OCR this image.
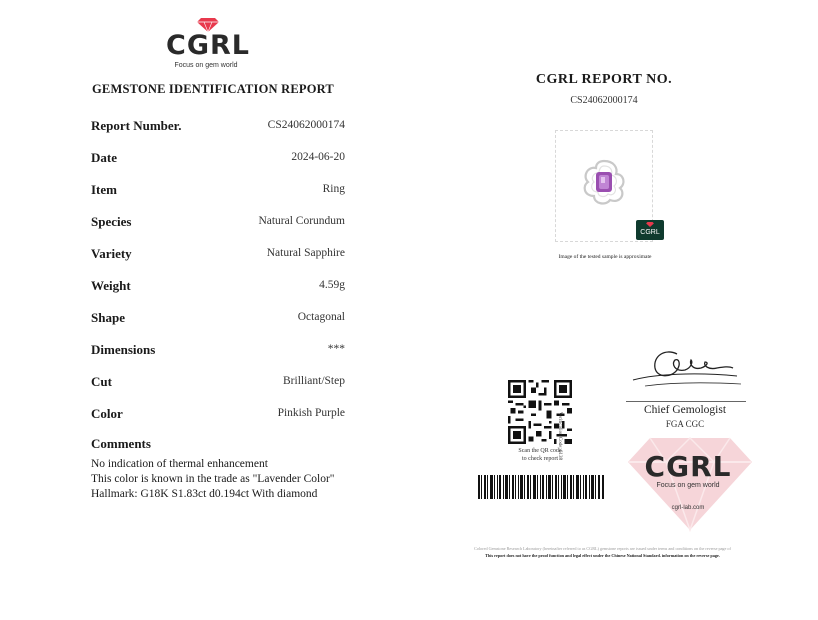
CGRL
Focus on gem world
GEMSTONE IDENTIFICATION REPORT
Report Number.	CS24062000174
Date	2024-06-20
Item	Ring
Species	Natural Corundum
Variety	Natural Sapphire
Weight	4.59g
Shape	Octagonal
Dimensions	***
Cut	Brilliant/Step
Color	Pinkish Purple
Comments
No indication of thermal enhancement
This color is known in the trade as "Lavender Color"
Hallmark: G18K S1.83ct d0.194ct With diamond
CGRL REPORT NO.
CS24062000174
CGRL
Image of the tested sample is approximate
Verification Code: 6138
Scan the QR code
to check report
Chief Gemologist
FGA CGC
CGRL
Focus on gem world
cgrl-lab.com
Colored Gemstone Research Laboratory (hereinafter referred to as CGRL) gemstone reports are issued under terms and conditions on the reverse page of
This report does not have the proof function and legal effect under the Chinese National Standard. information on the reverse page.
